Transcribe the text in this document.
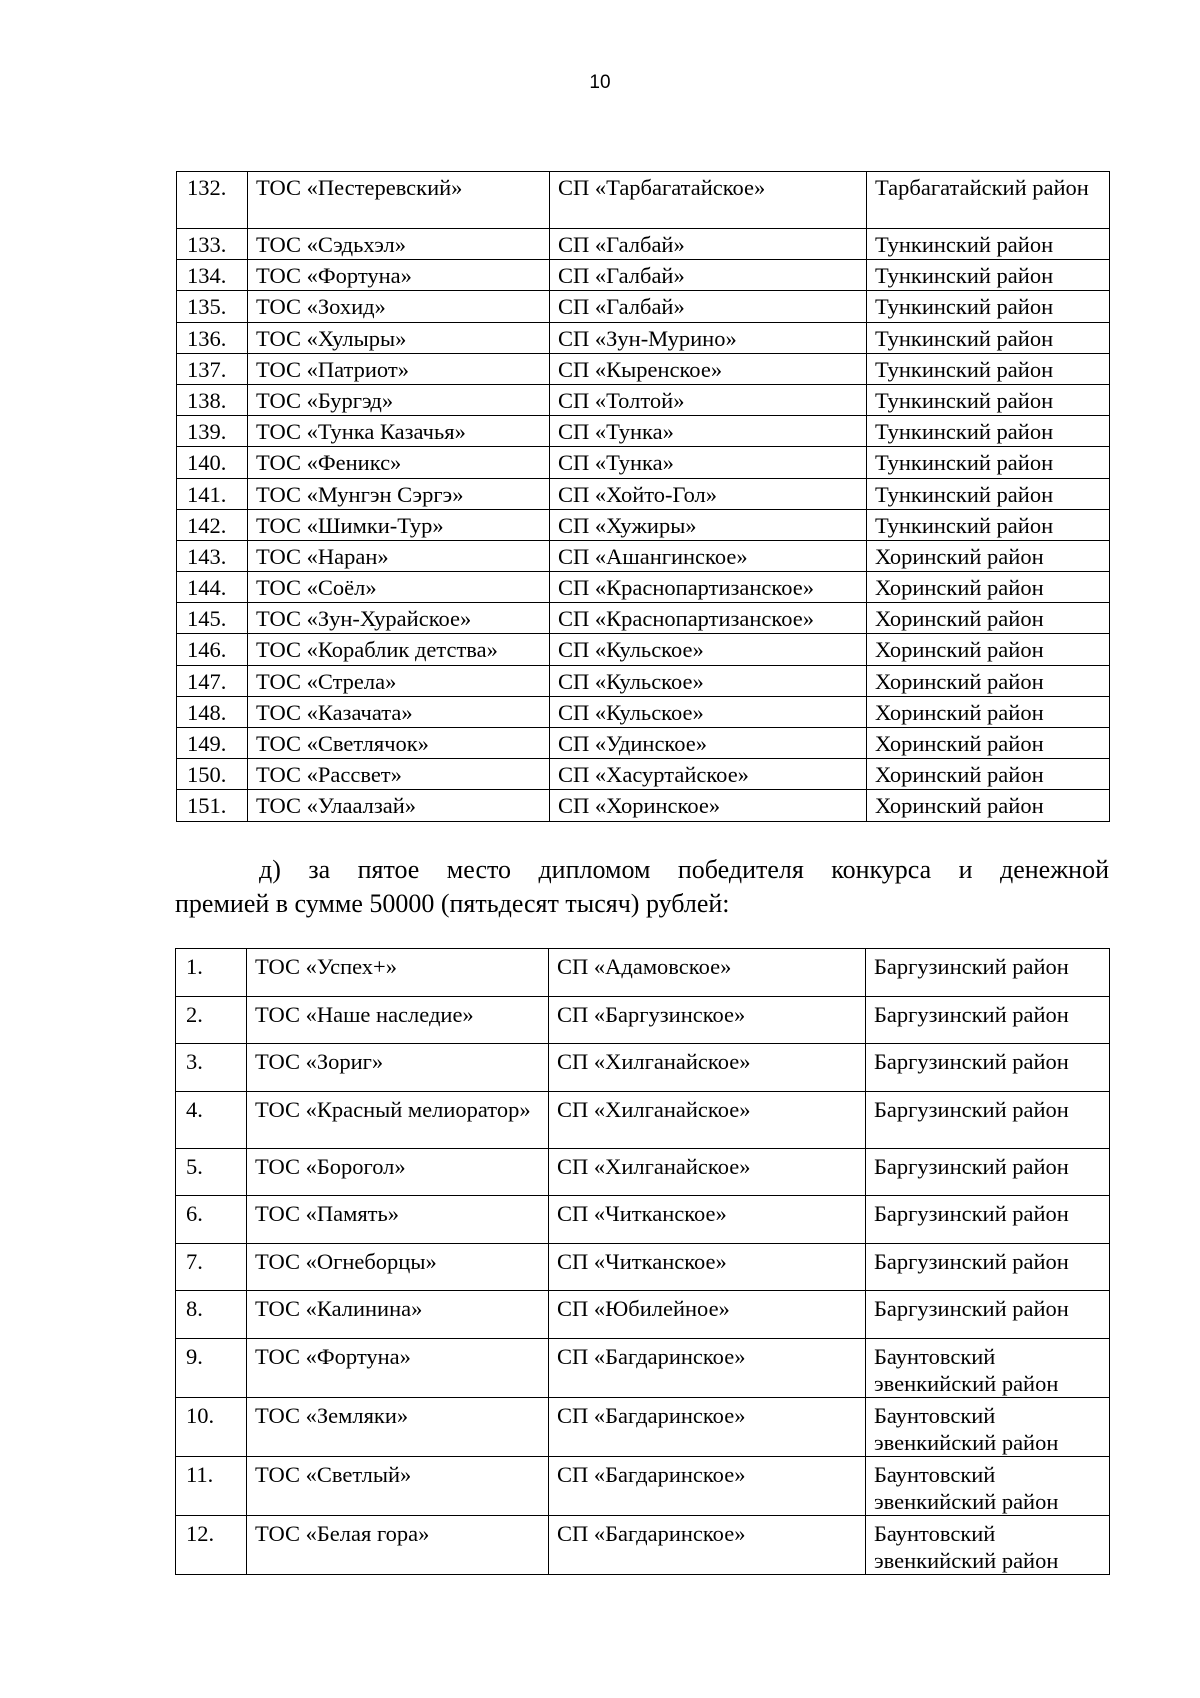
10
132.	ТОС «Пестеревский»	СП «Тарбагатайское»	Тарбагатайский район
133.	ТОС «Сэдьхэл»	СП «Галбай»	Тункинский район
134.	ТОС «Фортуна»	СП «Галбай»	Тункинский район
135.	ТОС «Зохид»	СП «Галбай»	Тункинский район
136.	ТОС «Хулыры»	СП «Зун-Мурино»	Тункинский район
137.	ТОС «Патриот»	СП «Кыренское»	Тункинский район
138.	ТОС «Бургэд»	СП «Толтой»	Тункинский район
139.	ТОС «Тунка Казачья»	СП «Тунка»	Тункинский район
140.	ТОС «Феникс»	СП «Тунка»	Тункинский район
141.	ТОС «Мунгэн Сэргэ»	СП «Хойто-Гол»	Тункинский район
142.	ТОС «Шимки-Тур»	СП «Хужиры»	Тункинский район
143.	ТОС «Наран»	СП «Ашангинское»	Хоринский район
144.	ТОС «Соёл»	СП «Краснопартизанское»	Хоринский район
145.	ТОС «Зун-Хурайское»	СП «Краснопартизанское»	Хоринский район
146.	ТОС «Кораблик детства»	СП «Кульское»	Хоринский район
147.	ТОС «Стрела»	СП «Кульское»	Хоринский район
148.	ТОС «Казачата»	СП «Кульское»	Хоринский район
149.	ТОС «Светлячок»	СП «Удинское»	Хоринский район
150.	ТОС «Рассвет»	СП «Хасуртайское»	Хоринский район
151.	ТОС «Улаалзай»	СП «Хоринское»	Хоринский район
д) за пятое место дипломом победителя конкурса и денежной
премией в сумме 50000 (пятьдесят тысяч) рублей:
1.	ТОС «Успех+»	СП «Адамовское»	Баргузинский район
2.	ТОС «Наше наследие»	СП «Баргузинское»	Баргузинский район
3.	ТОС «Зориг»	СП «Хилганайское»	Баргузинский район
4.	ТОС «Красный мелиоратор»	СП «Хилганайское»	Баргузинский район
5.	ТОС «Борогол»	СП «Хилганайское»	Баргузинский район
6.	ТОС «Память»	СП «Читканское»	Баргузинский район
7.	ТОС «Огнеборцы»	СП «Читканское»	Баргузинский район
8.	ТОС «Калинина»	СП «Юбилейное»	Баргузинский район
9.	ТОС «Фортуна»	СП «Багдаринское»	Баунтовский эвенкийский район
10.	ТОС «Земляки»	СП «Багдаринское»	Баунтовский эвенкийский район
11.	ТОС «Светлый»	СП «Багдаринское»	Баунтовский эвенкийский район
12.	ТОС «Белая гора»	СП «Багдаринское»	Баунтовский эвенкийский район
